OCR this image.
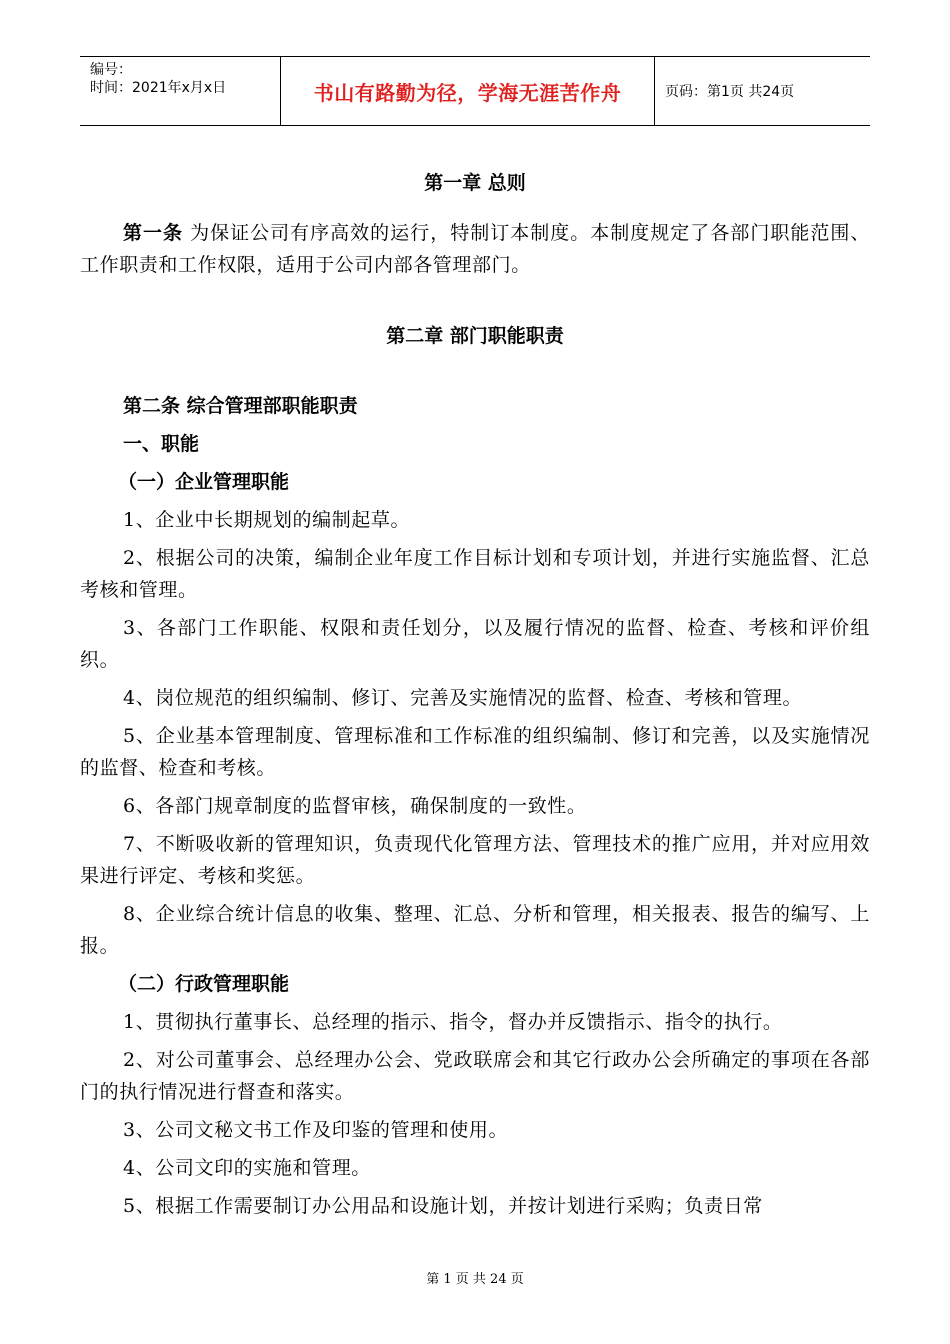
编号：
时间：2021年x月x日	书山有路勤为径，学海无涯苦作舟	页码：第1页 共24页
第一章 总则

第一条 为保证公司有序高效的运行，特制订本制度。本制度规定了各部门职能范围、工作职责和工作权限，适用于公司内部各管理部门。

第二章 部门职能职责
第二条 综合管理部职能职责
一、职能
（一）企业管理职能

1、企业中长期规划的编制起草。

2、根据公司的决策，编制企业年度工作目标计划和专项计划，并进行实施监督、汇总考核和管理。

3、各部门工作职能、权限和责任划分，以及履行情况的监督、检查、考核和评价组织。

4、岗位规范的组织编制、修订、完善及实施情况的监督、检查、考核和管理。

5、企业基本管理制度、管理标准和工作标准的组织编制、修订和完善，以及实施情况的监督、检查和考核。

6、各部门规章制度的监督审核，确保制度的一致性。

7、不断吸收新的管理知识，负责现代化管理方法、管理技术的推广应用，并对应用效果进行评定、考核和奖惩。

8、企业综合统计信息的收集、整理、汇总、分析和管理，相关报表、报告的编写、上报。

（二）行政管理职能

1、贯彻执行董事长、总经理的指示、指令，督办并反馈指示、指令的执行。

2、对公司董事会、总经理办公会、党政联席会和其它行政办公会所确定的事项在各部门的执行情况进行督查和落实。

3、公司文秘文书工作及印鉴的管理和使用。

4、公司文印的实施和管理。

5、根据工作需要制订办公用品和设施计划，并按计划进行采购；负责日常

第 1 页 共 24 页
